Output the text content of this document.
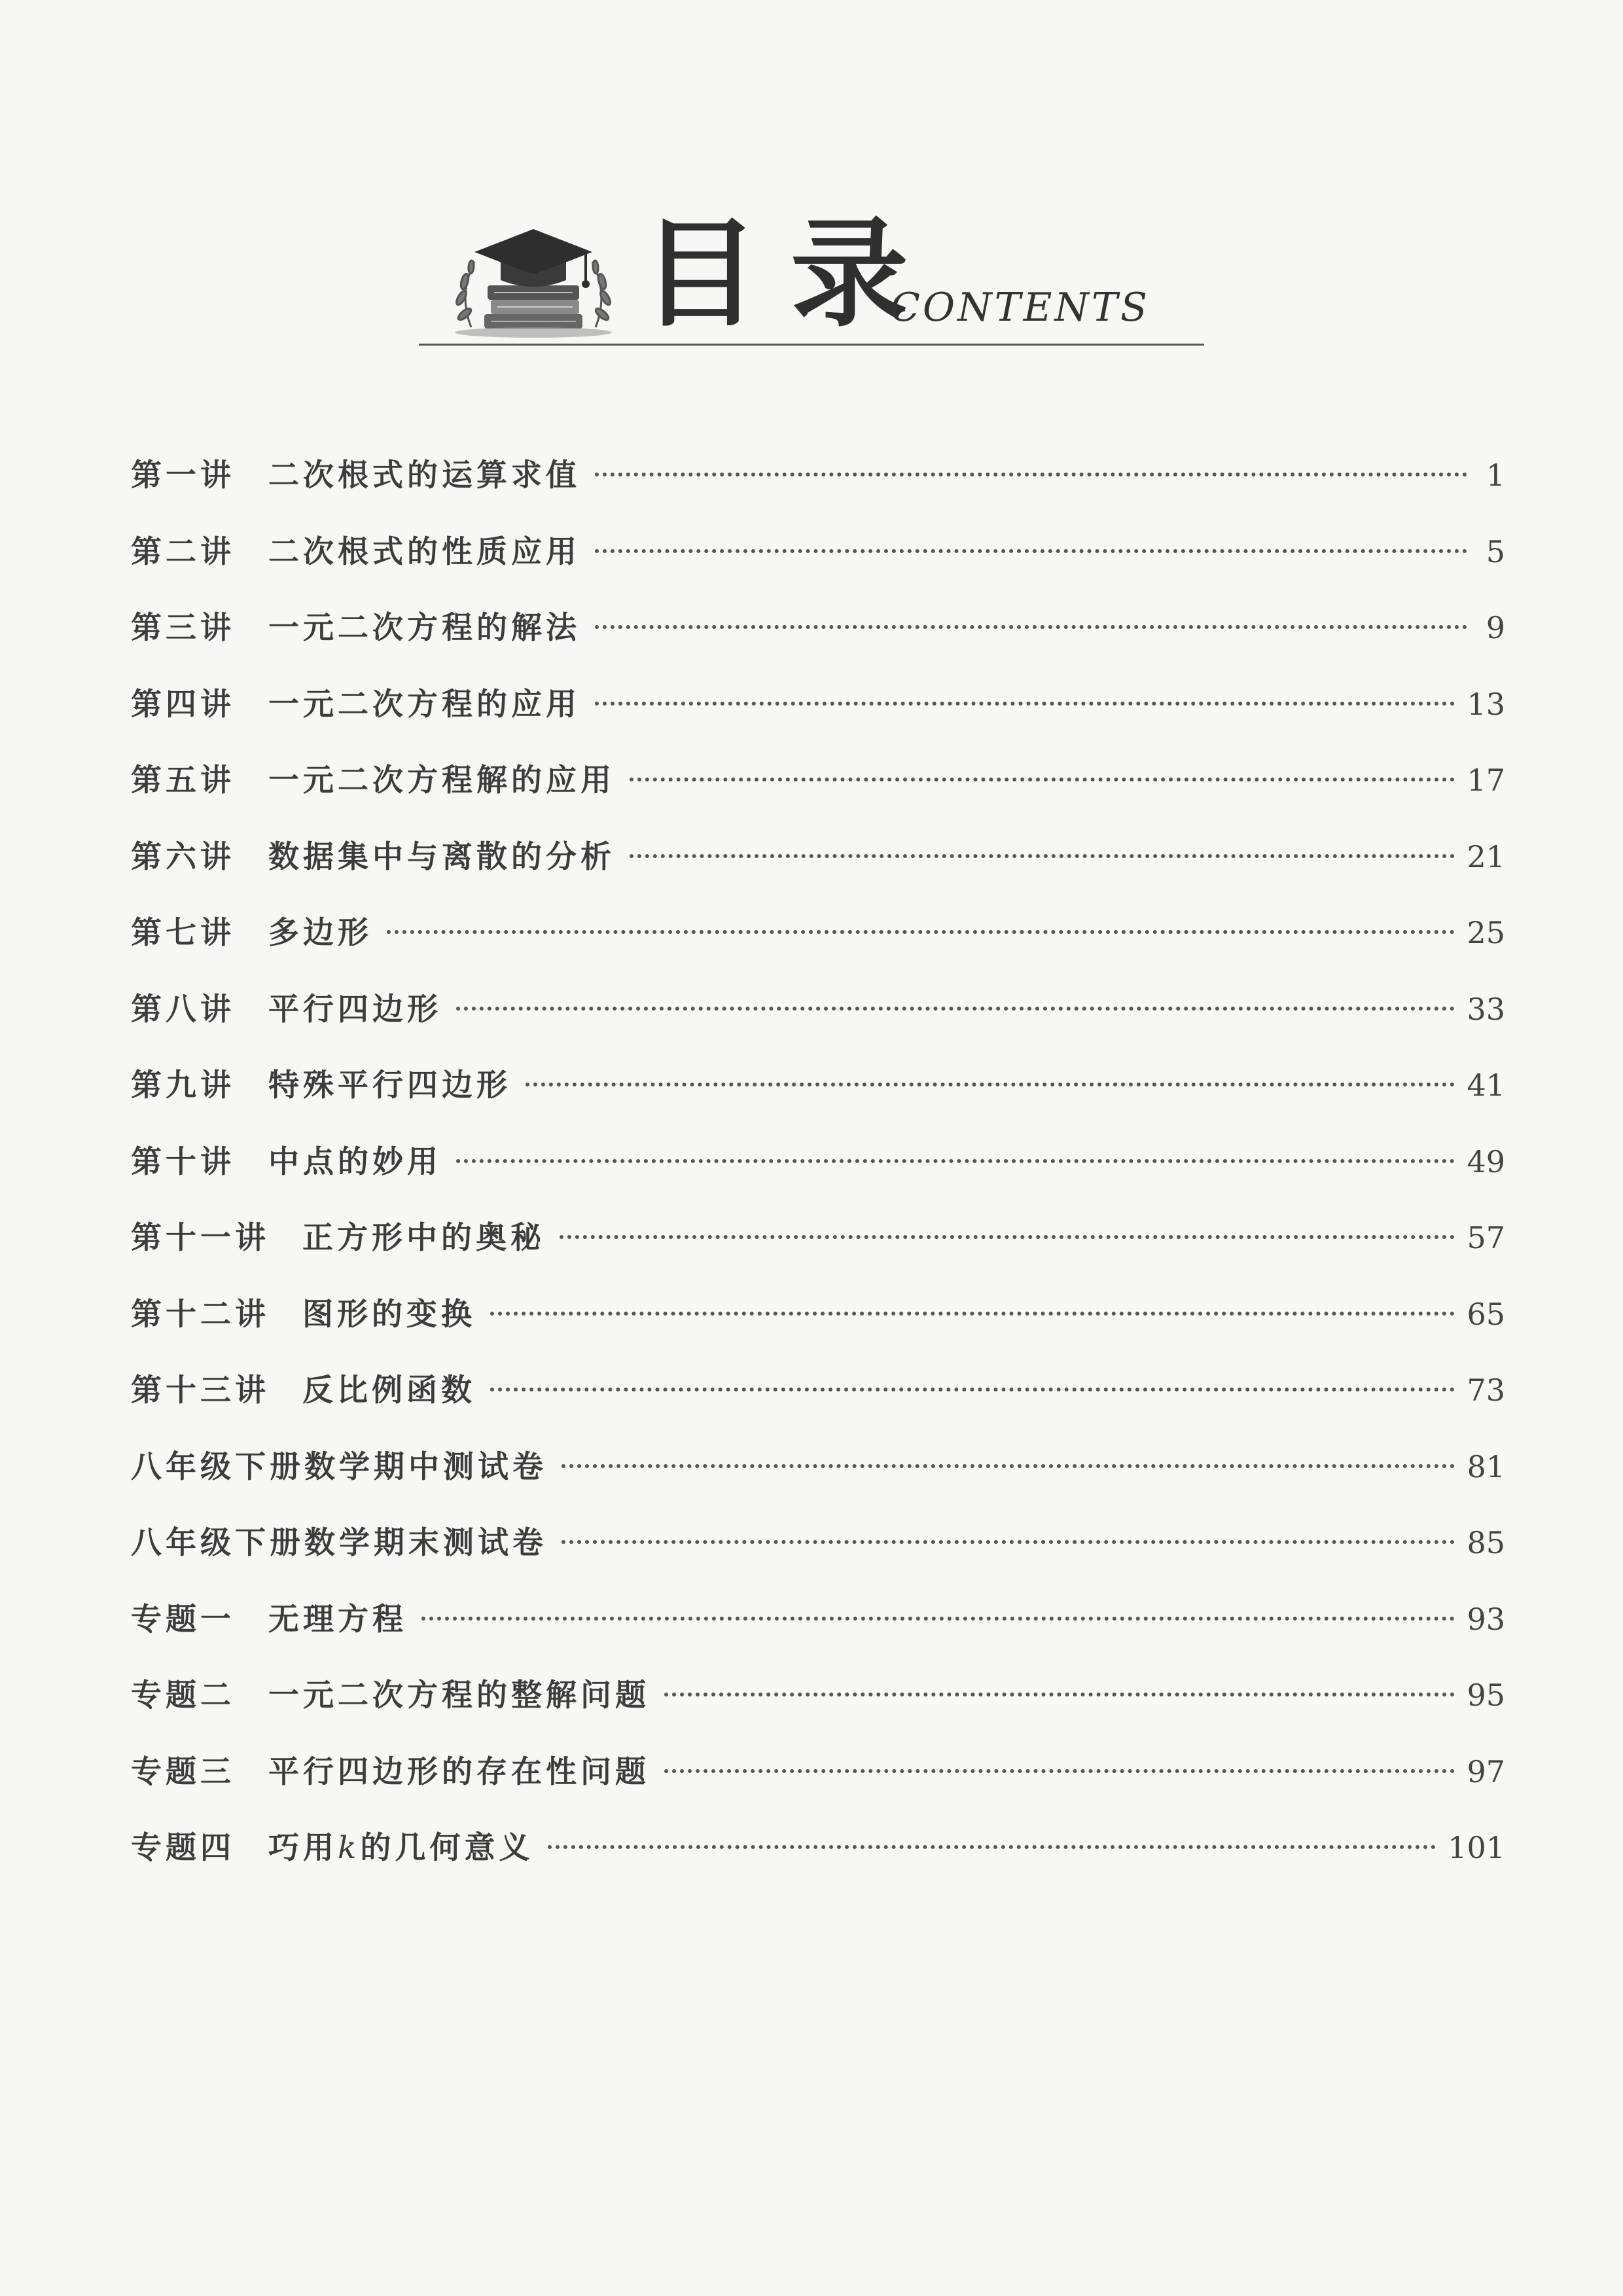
目录
CONTENTS
第一讲 二次根式的运算求值	1
第二讲 二次根式的性质应用	5
第三讲 一元二次方程的解法	9
第四讲 一元二次方程的应用	13
第五讲 一元二次方程解的应用	17
第六讲 数据集中与离散的分析	21
第七讲 多边形	25
第八讲 平行四边形	33
第九讲 特殊平行四边形	41
第十讲 中点的妙用	49
第十一讲 正方形中的奥秘	57
第十二讲 图形的变换	65
第十三讲 反比例函数	73
八年级下册数学期中测试卷	81
八年级下册数学期末测试卷	85
专题一 无理方程	93
专题二 一元二次方程的整解问题	95
专题三 平行四边形的存在性问题	97
专题四 巧用k的几何意义	101
